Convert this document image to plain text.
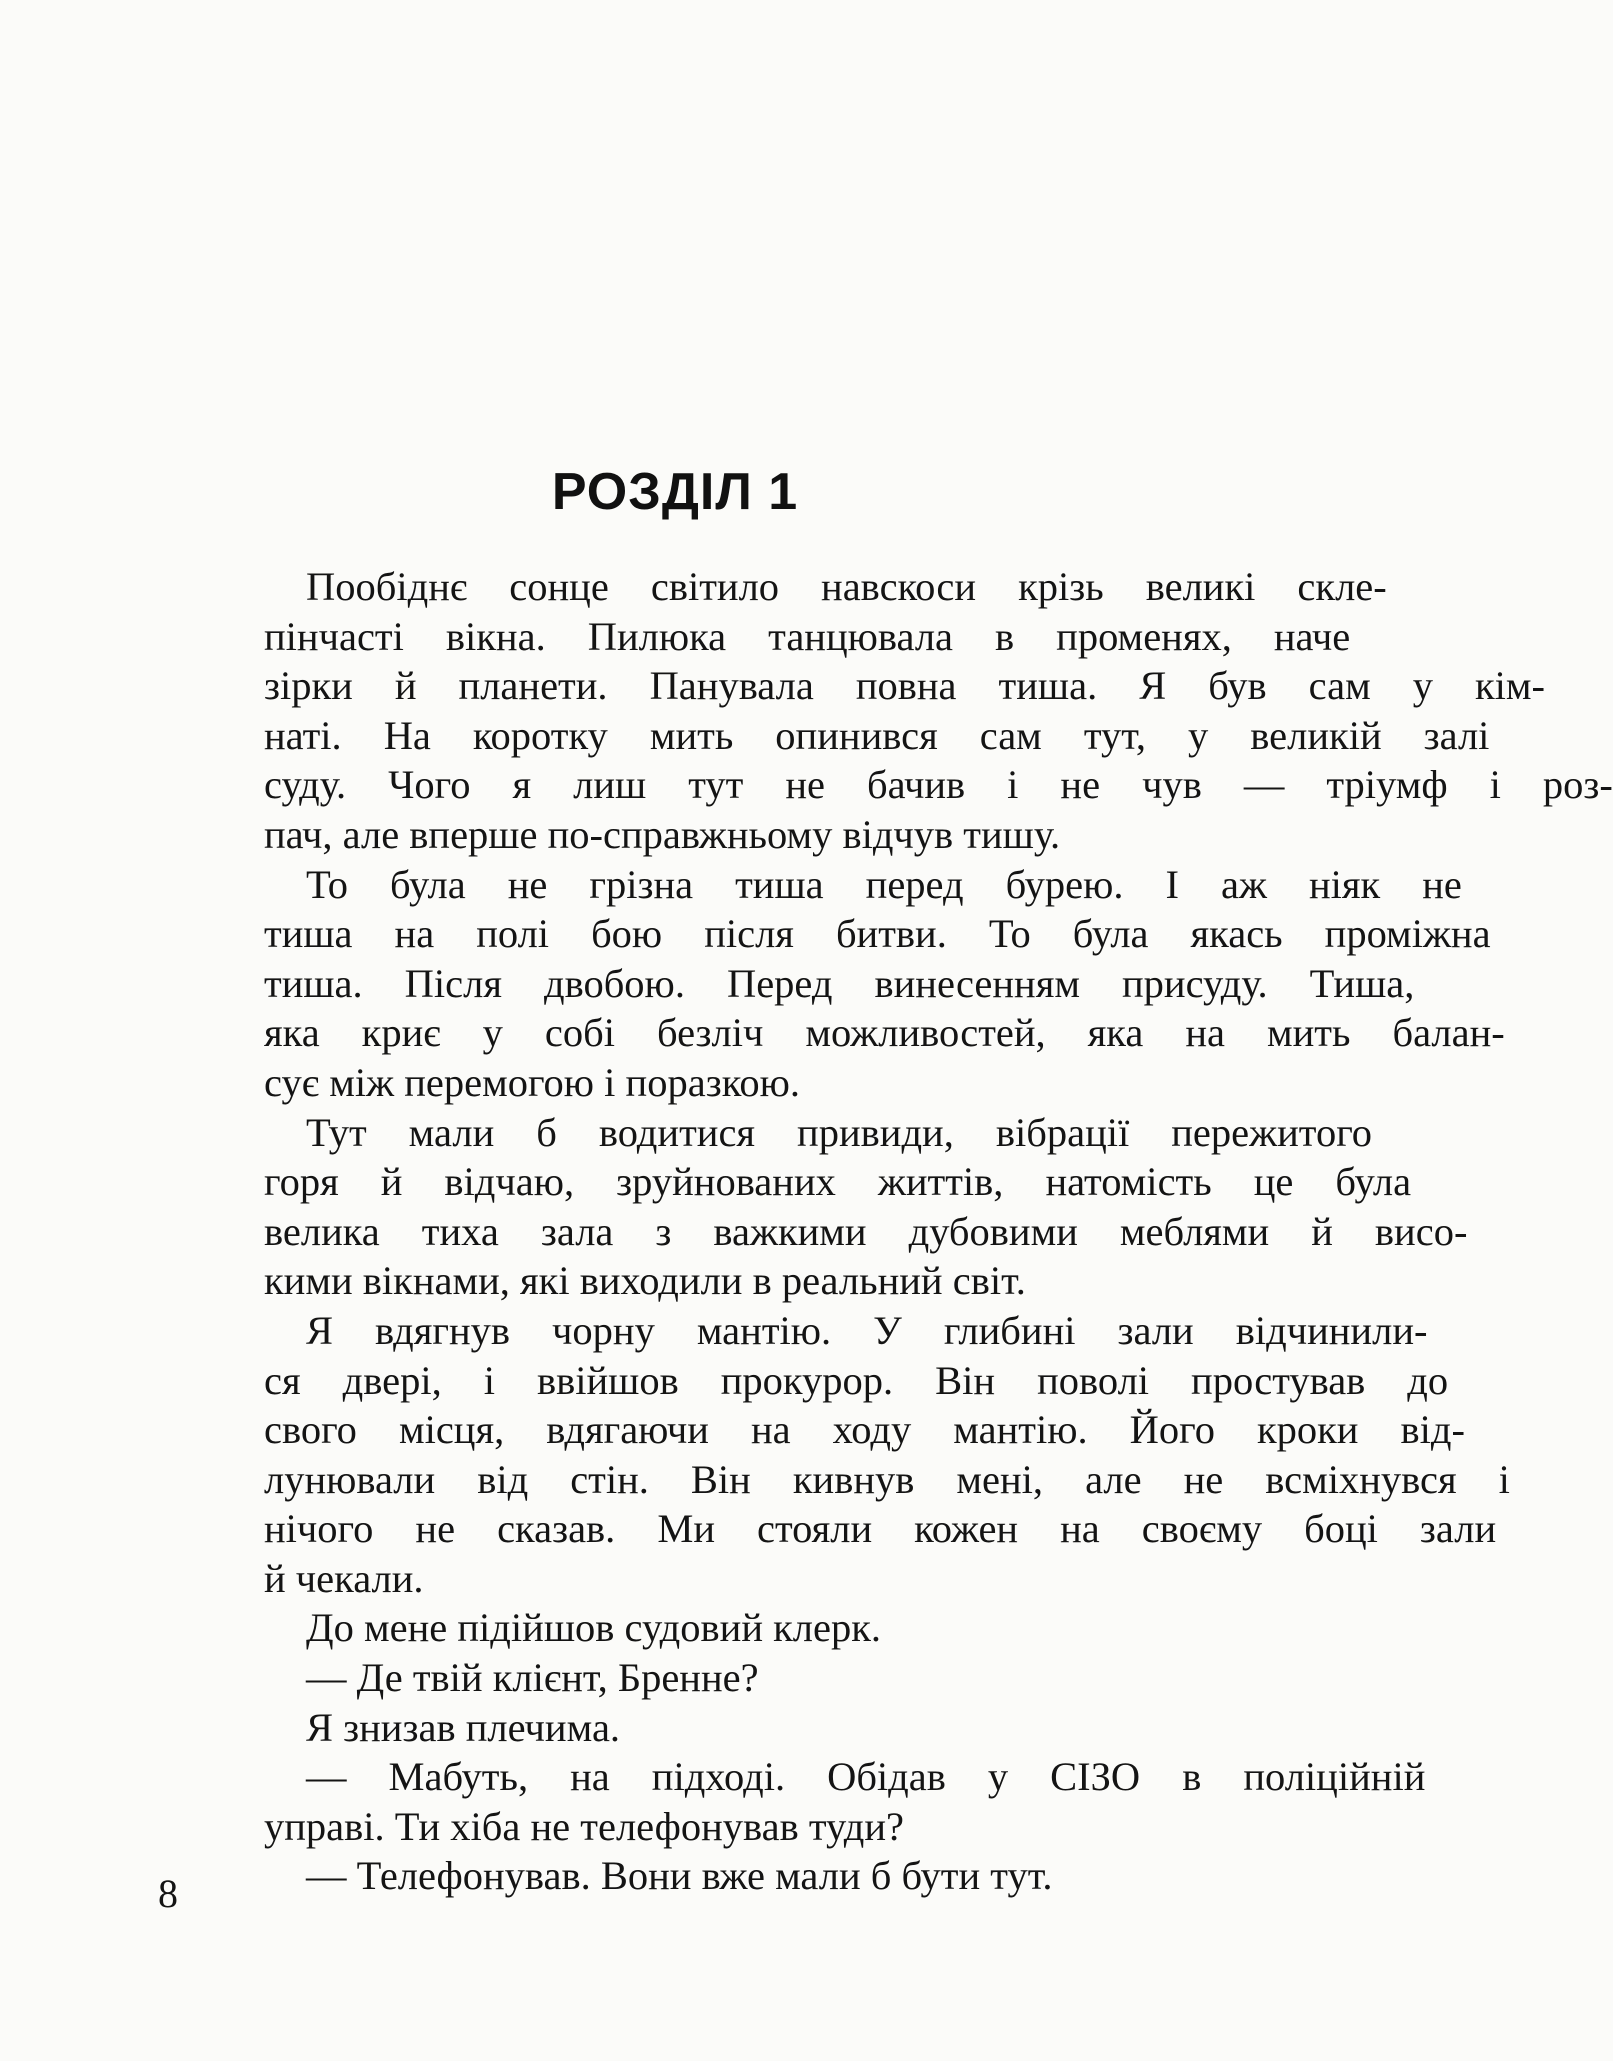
РОЗДІЛ 1
Пообіднє	сонце	світило	навскоси	крізь	великі	скле-
пінчасті	вікна.	Пилюка	танцювала	в	променях,	наче
зірки	й	планети.	Панувала	повна	тиша.	Я	був	сам	у	кім-
наті.	На	коротку	мить	опинився	сам	тут,	у	великій	залі
суду.	Чого	я	лиш	тут	не	бачив	і	не	чув	—	тріумф	і	роз-
пач, але вперше по-справжньому відчув тишу.
То	була	не	грізна	тиша	перед	бурею.	І	аж	ніяк	не
тиша	на	полі	бою	після	битви.	То	була	якась	проміжна
тиша.	Після	двобою.	Перед	винесенням	присуду.	Тиша,
яка	криє	у	собі	безліч	можливостей,	яка	на	мить	балан-
сує між перемогою і поразкою.
Тут	мали	б	водитися	привиди,	вібрації	пережитого
горя	й	відчаю,	зруйнованих	життів,	натомість	це	була
велика	тиха	зала	з	важкими	дубовими	меблями	й	висо-
кими вікнами, які виходили в реальний світ.
Я	вдягнув	чорну	мантію.	У	глибині	зали	відчинили-
ся	двері,	і	ввійшов	прокурор.	Він	поволі	простував	до
свого	місця,	вдягаючи	на	ходу	мантію.	Його	кроки	від-
лунювали	від	стін.	Він	кивнув	мені,	але	не	всміхнувся	і
нічого	не	сказав.	Ми	стояли	кожен	на	своєму	боці	зали
й чекали.
До мене підійшов судовий клерк.
— Де твій клієнт, Бренне?
Я знизав плечима.
—	Мабуть,	на	підході.	Обідав	у	СІЗО	в	поліційній
управі. Ти хіба не телефонував туди?
— Телефонував. Вони вже мали б бути тут.
8
